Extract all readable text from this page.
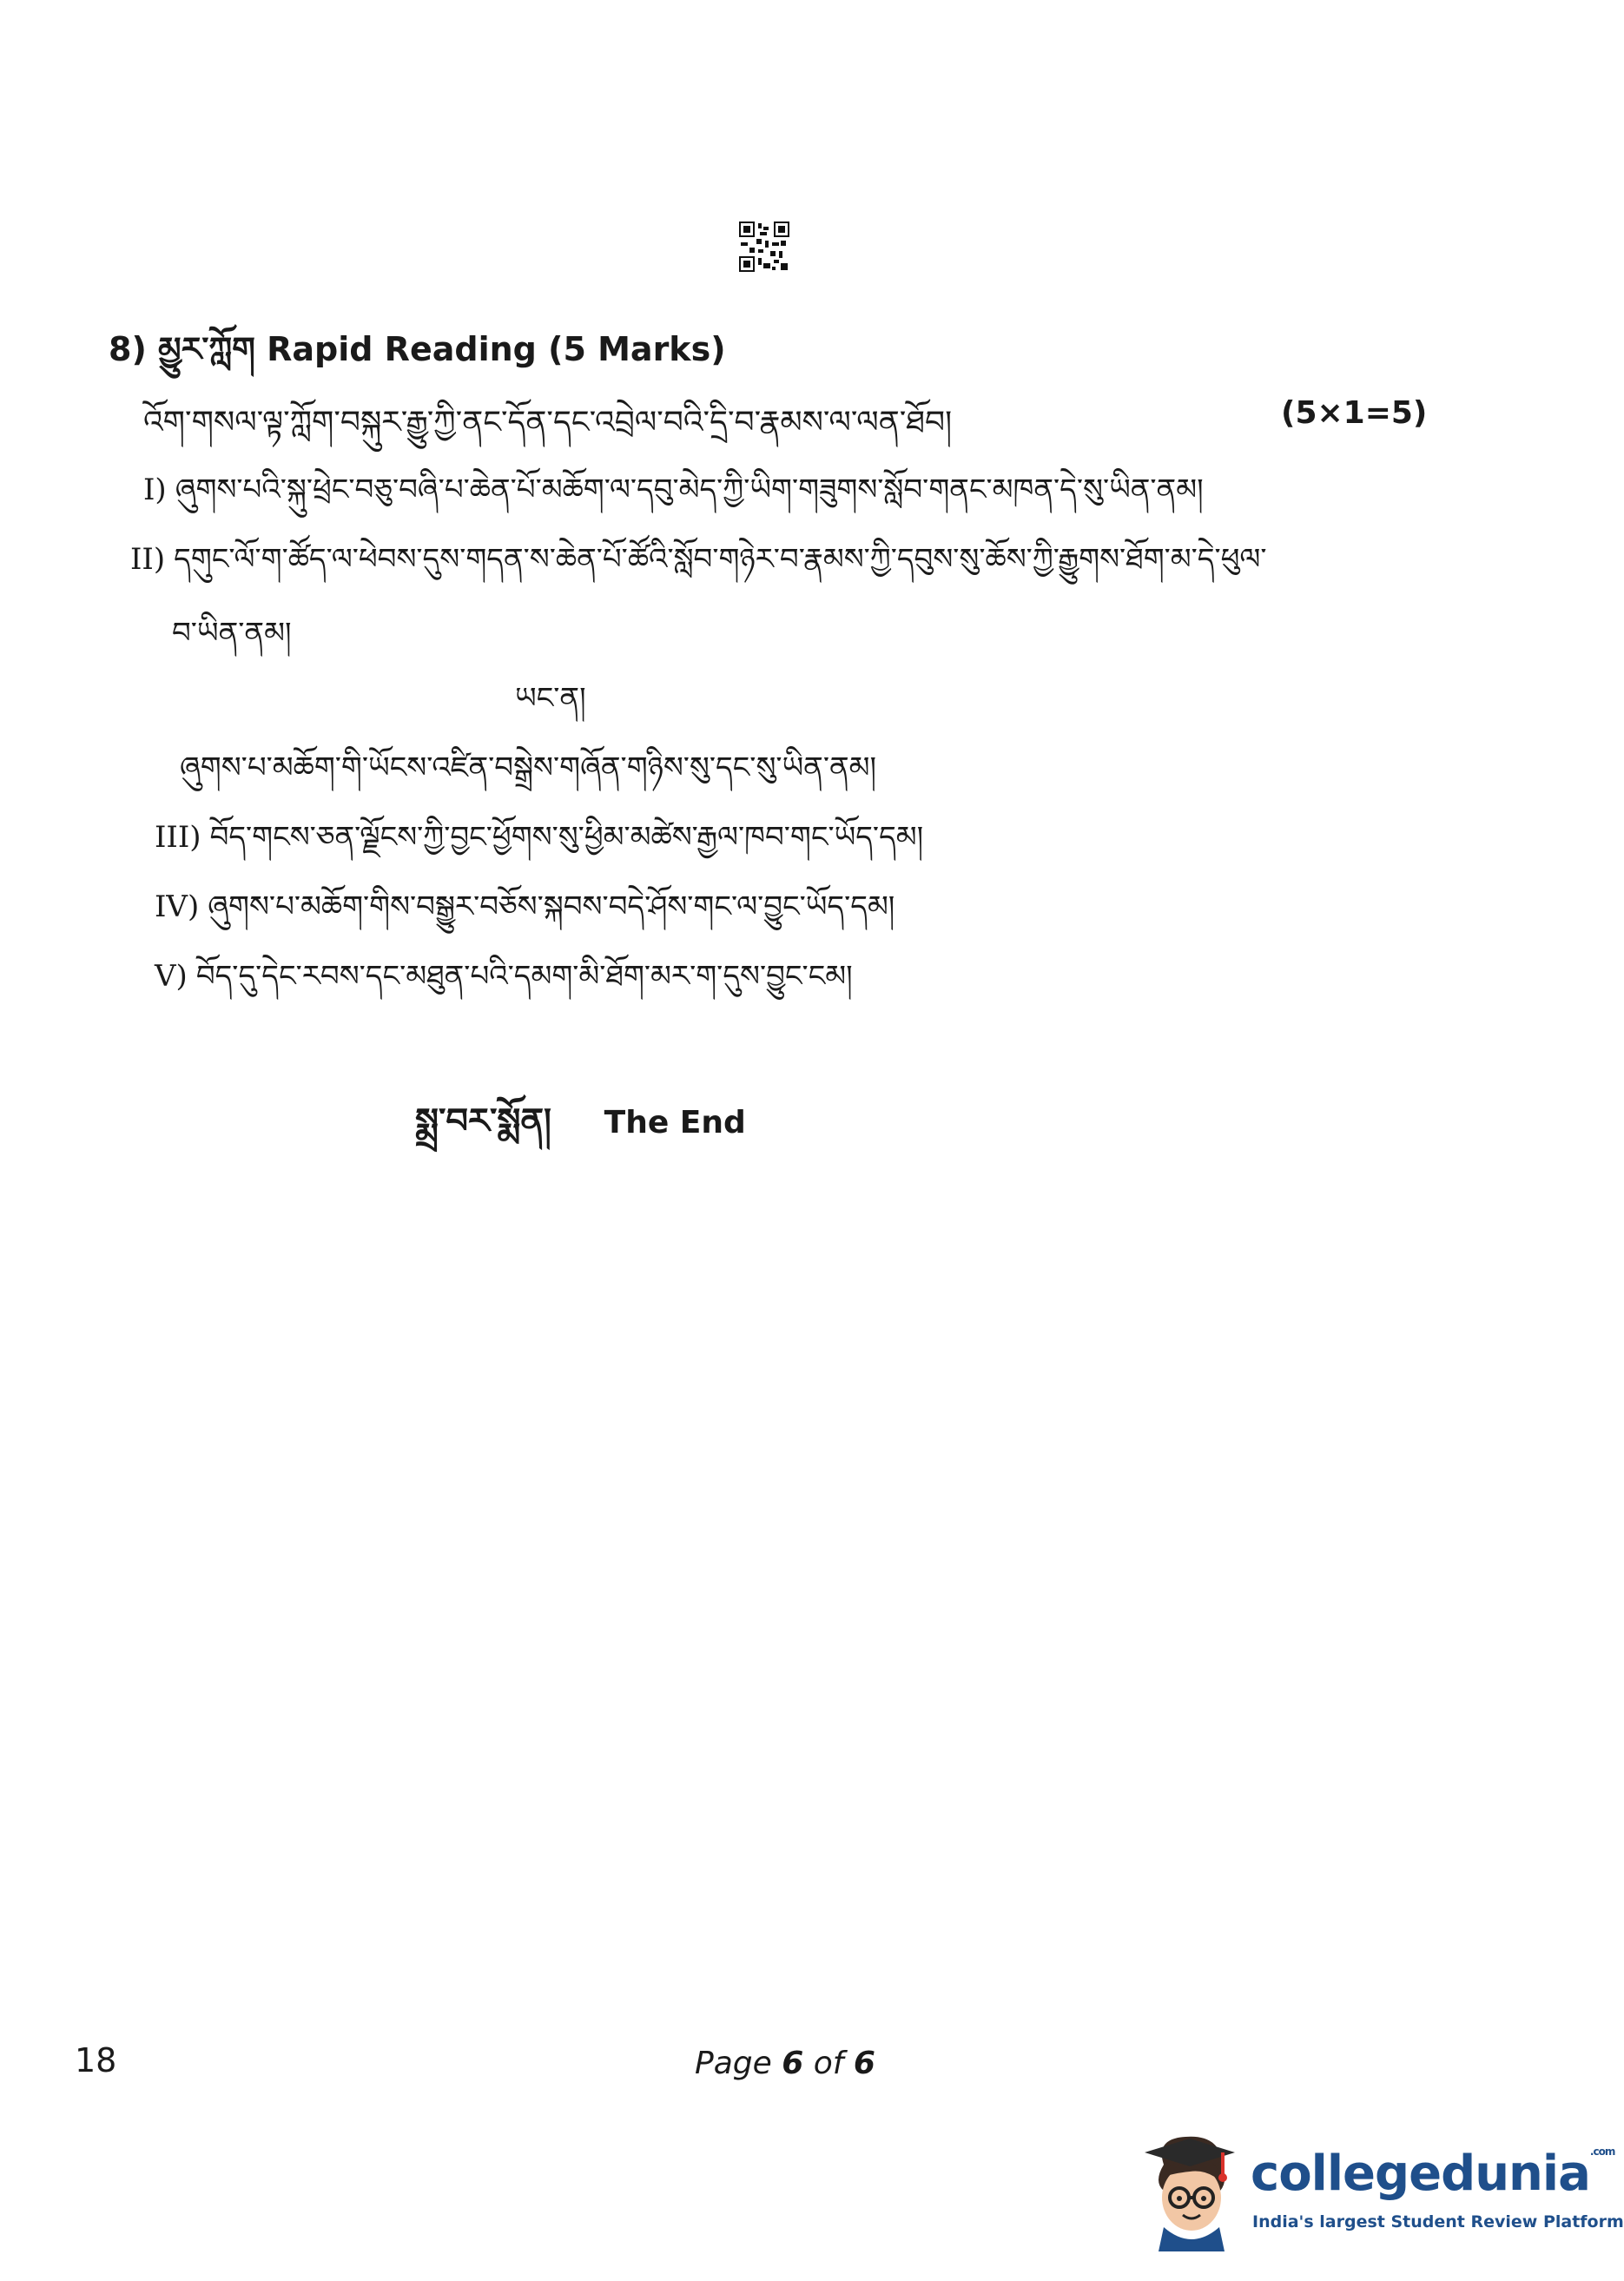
8) མྱུར་ཀློག Rapid Reading (5 Marks)
འོག་གསལ་ལྟ་ཀློག་བསྐུར་རྒྱུ་ཀྱི་ནང་དོན་དང་འབྲེལ་བའི་དྲི་བ་རྣམས་ལ་ལན་ཐོབ།	(5×1=5)
I) ཞུགས་པའི་སྐུ་ཕྲེང་བཅུ་བཞི་པ་ཆེན་པོ་མཆོག་ལ་དབུ་མེད་ཀྱི་ཡིག་གཟུགས་སློབ་གནང་མཁན་དེ་སུ་ཡིན་ནམ།
II) དགུང་ལོ་ག་ཚོད་ལ་ཕེབས་དུས་གདན་ས་ཆེན་པོ་ཚོའི་སློབ་གཉེར་བ་རྣམས་ཀྱི་དབུས་སུ་ཆོས་ཀྱི་རྒྱུགས་ཐོག་མ་དེ་ཕུལ་
བ་ཡིན་ནམ།
ཡང་ན།
ཞུགས་པ་མཆོག་གི་ཡོངས་འཛིན་བསྒྲེས་གཞོན་གཉིས་སུ་དང་སུ་ཡིན་ནམ།
III) བོད་གངས་ཅན་ལྗོངས་ཀྱི་བྱང་ཕྱོགས་སུ་ཕྱིམ་མཚེས་རྒྱལ་ཁབ་གང་ཡོད་དམ།
IV) ཞུགས་པ་མཆོག་གིས་བསྒྱུར་བཅོས་སྐབས་བདེ་ཤོས་གང་ལ་བྱུང་ཡོད་དམ།
V) བོད་དུ་དེང་རབས་དང་མཐུན་པའི་དམག་མི་ཐོག་མར་ག་དུས་བྱུང་ངམ།
སྨྲ་བར་སྨོན། The End
18	Page 6 of 6
collegedunia$^{.com}$
India's largest Student Review Platform
